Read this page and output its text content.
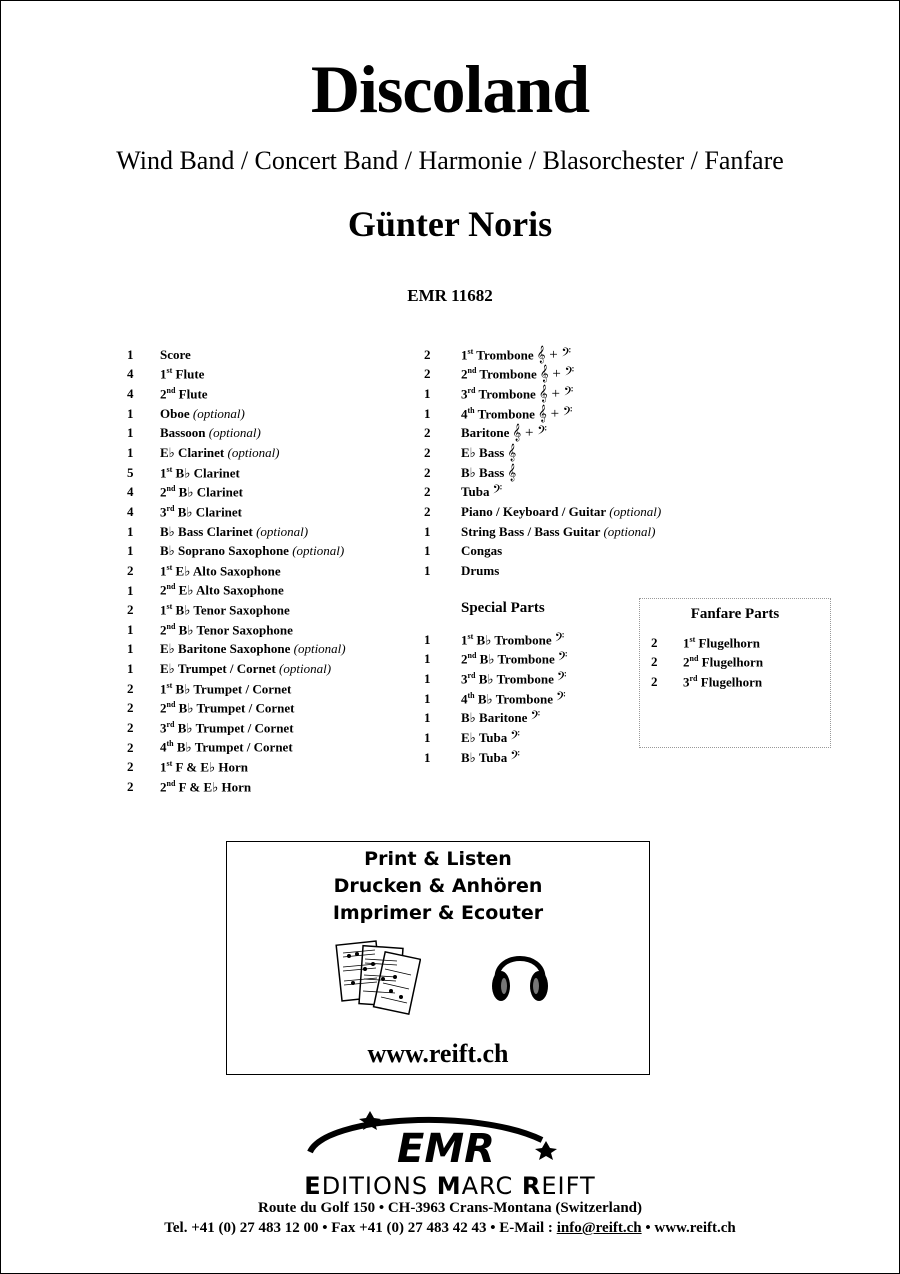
Discoland
Wind Band / Concert Band / Harmonie / Blasorchester / Fanfare
Günter Noris
EMR 11682
1	Score
4	1st Flute
4	2nd Flute
1	Oboe (optional)
1	Bassoon (optional)
1	E♭ Clarinet (optional)
5	1st B♭ Clarinet
4	2nd B♭ Clarinet
4	3rd B♭ Clarinet
1	B♭ Bass Clarinet (optional)
1	B♭ Soprano Saxophone (optional)
2	1st E♭ Alto Saxophone
1	2nd E♭ Alto Saxophone
2	1st B♭ Tenor Saxophone
1	2nd B♭ Tenor Saxophone
1	E♭ Baritone Saxophone (optional)
1	E♭ Trumpet / Cornet (optional)
2	1st B♭ Trumpet / Cornet
2	2nd B♭ Trumpet / Cornet
2	3rd B♭ Trumpet / Cornet
2	4th B♭ Trumpet / Cornet
2	1st F & E♭ Horn
2	2nd F & E♭ Horn
2	1st Trombone 𝄞 + 𝄢
2	2nd Trombone 𝄞 + 𝄢
1	3rd Trombone 𝄞 + 𝄢
1	4th Trombone 𝄞 + 𝄢
2	Baritone 𝄞 + 𝄢
2	E♭ Bass 𝄞
2	B♭ Bass 𝄞
2	Tuba 𝄢
2	Piano / Keyboard / Guitar (optional)
1	String Bass / Bass Guitar (optional)
1	Congas
1	Drums
Special Parts
1	1st B♭ Trombone 𝄢
1	2nd B♭ Trombone 𝄢
1	3rd B♭ Trombone 𝄢
1	4th B♭ Trombone 𝄢
1	B♭ Baritone 𝄢
1	E♭ Tuba 𝄢
1	B♭ Tuba 𝄢
Fanfare Parts
2	1st Flugelhorn
2	2nd Flugelhorn
2	3rd Flugelhorn
Print & Listen
Drucken & Anhören
Imprimer & Ecouter
www.reift.ch
EMR
EDITIONS MARC REIFT
Route du Golf 150 • CH-3963 Crans-Montana (Switzerland)
Tel. +41 (0) 27 483 12 00 • Fax +41 (0) 27 483 42 43 • E-Mail : info@reift.ch • www.reift.ch
